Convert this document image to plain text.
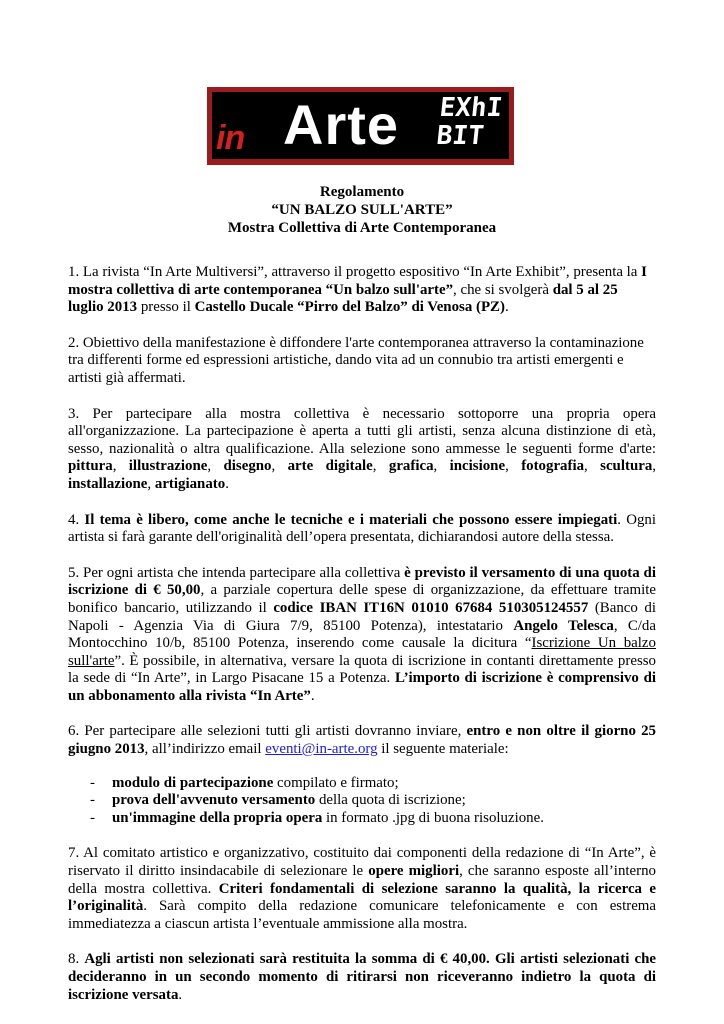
in Arte EXhI
BIT
Regolamento
“UN BALZO SULL'ARTE”
Mostra Collettiva di Arte Contemporanea

1. La rivista “In Arte Multiversi”, attraverso il progetto espositivo “In Arte Exhibit”, presenta la I mostra collettiva di arte contemporanea “Un balzo sull'arte”, che si svolgerà dal 5 al 25 luglio 2013 presso il Castello Ducale “Pirro del Balzo” di Venosa (PZ).

2. Obiettivo della manifestazione è diffondere l'arte contemporanea attraverso la contaminazione tra differenti forme ed espressioni artistiche, dando vita ad un connubio tra artisti emergenti e artisti già affermati.

3. Per partecipare alla mostra collettiva è necessario sottoporre una propria opera all'organizzazione. La partecipazione è aperta a tutti gli artisti, senza alcuna distinzione di età, sesso, nazionalità o altra qualificazione. Alla selezione sono ammesse le seguenti forme d'arte: pittura, illustrazione, disegno, arte digitale, grafica, incisione, fotografia, scultura, installazione, artigianato.

4. Il tema è libero, come anche le tecniche e i materiali che possono essere impiegati. Ogni artista si farà garante dell'originalità dell’opera presentata, dichiarandosi autore della stessa.

5. Per ogni artista che intenda partecipare alla collettiva è previsto il versamento di una quota di iscrizione di € 50,00, a parziale copertura delle spese di organizzazione, da effettuare tramite bonifico bancario, utilizzando il codice IBAN IT16N 01010 67684 510305124557 (Banco di Napoli - Agenzia Via di Giura 7/9, 85100 Potenza), intestatario Angelo Telesca, C/da Montocchino 10/b, 85100 Potenza, inserendo come causale la dicitura “Iscrizione Un balzo sull'arte”. È possibile, in alternativa, versare la quota di iscrizione in contanti direttamente presso la sede di “In Arte”, in Largo Pisacane 15 a Potenza. L’importo di iscrizione è comprensivo di un abbonamento alla rivista “In Arte”.

6. Per partecipare alle selezioni tutti gli artisti dovranno inviare, entro e non oltre il giorno 25 giugno 2013, all’indirizzo email eventi@in-arte.org il seguente materiale:

- modulo di partecipazione compilato e firmato;
- prova dell'avvenuto versamento della quota di iscrizione;
- un'immagine della propria opera in formato .jpg di buona risoluzione.

7. Al comitato artistico e organizzativo, costituito dai componenti della redazione di “In Arte”, è riservato il diritto insindacabile di selezionare le opere migliori, che saranno esposte all’interno della mostra collettiva. Criteri fondamentali di selezione saranno la qualità, la ricerca e l’originalità. Sarà compito della redazione comunicare telefonicamente e con estrema immediatezza a ciascun artista l’eventuale ammissione alla mostra.

8. Agli artisti non selezionati sarà restituita la somma di € 40,00. Gli artisti selezionati che decideranno in un secondo momento di ritirarsi non riceveranno indietro la quota di iscrizione versata.
